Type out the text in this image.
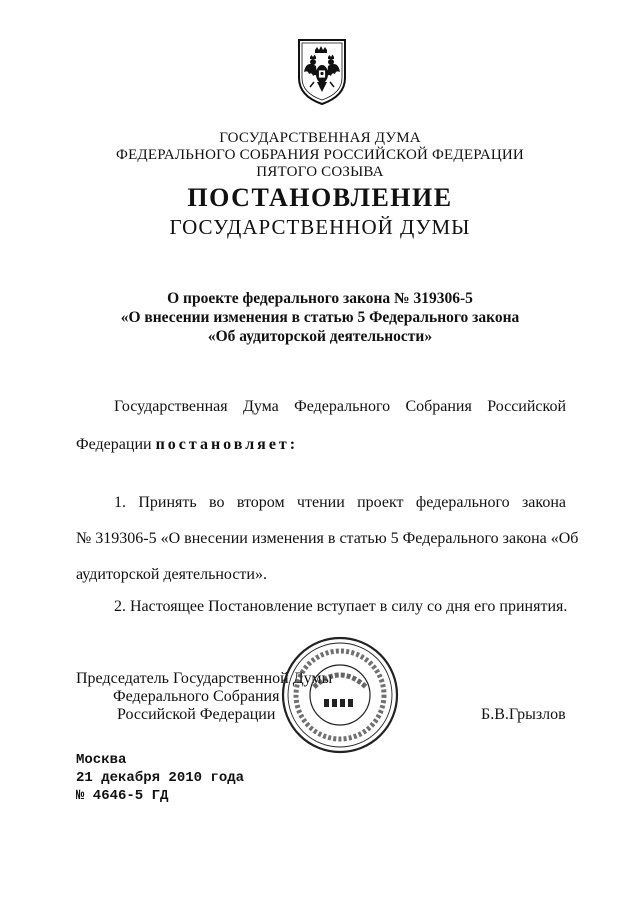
ГОСУДАРСТВЕННАЯ ДУМА
ФЕДЕРАЛЬНОГО СОБРАНИЯ РОССИЙСКОЙ ФЕДЕРАЦИИ
ПЯТОГО СОЗЫВА
ПОСТАНОВЛЕНИЕ
ГОСУДАРСТВЕННОЙ ДУМЫ
О проекте федерального закона № 319306-5
«О внесении изменения в статью 5 Федерального закона
«Об аудиторской деятельности»
Государственная Дума Федерального Собрания Российской
Федерации постановляет:
1. Принять во втором чтении проект федерального закона
№ 319306-5 «О внесении изменения в статью 5 Федерального закона «Об
аудиторской деятельности».
2. Настоящее Постановление вступает в силу со дня его принятия.
Председатель Государственной Думы
Федерального Собрания
Российской Федерации	Б.В.Грызлов
Москва
21 декабря 2010 года
№ 4646-5 ГД
